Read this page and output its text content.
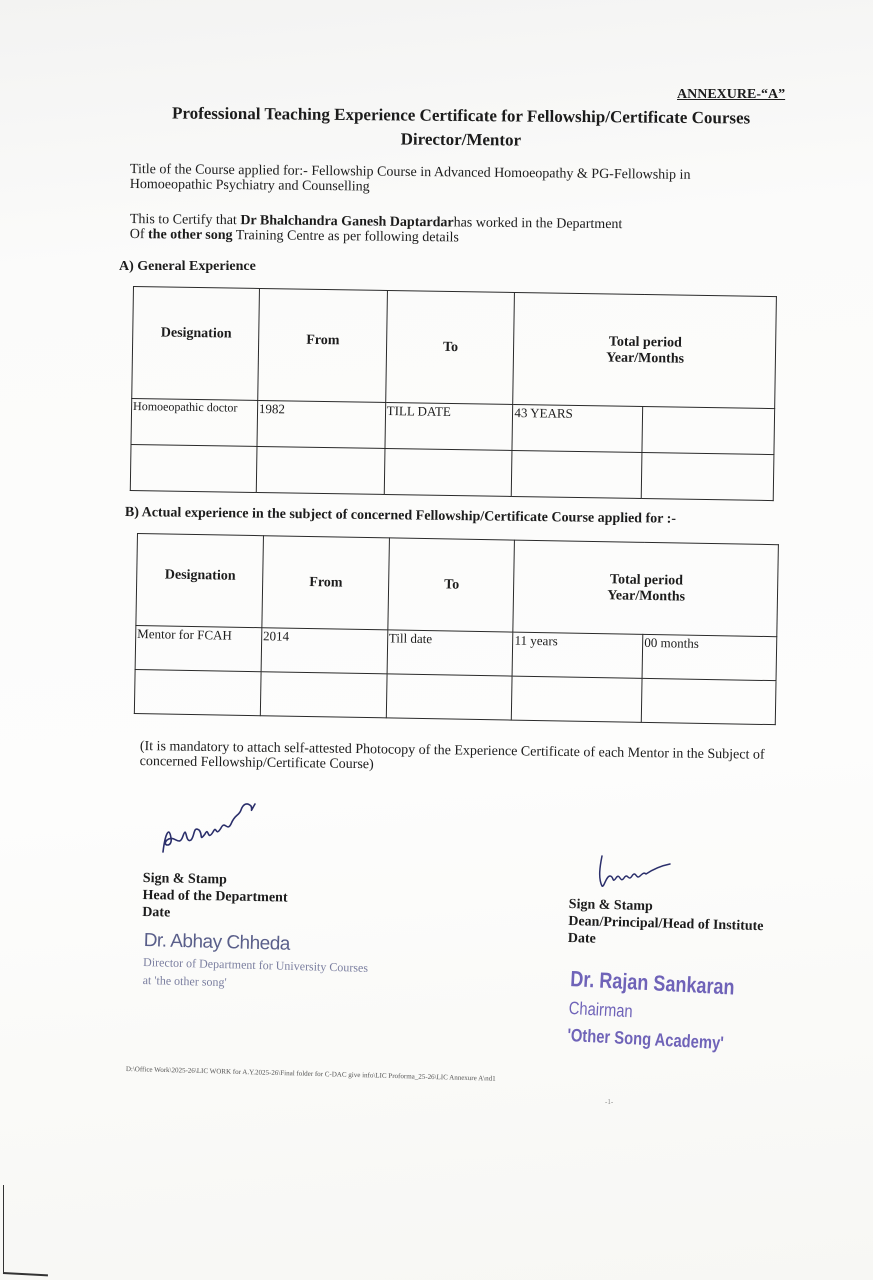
ANNEXURE-“A”
Professional Teaching Experience Certificate for Fellowship/Certificate Courses
Director/Mentor
Title of the Course applied for:- Fellowship Course in Advanced Homoeopathy & PG-Fellowship in Homoeopathic Psychiatry and Counselling
This to Certify that Dr Bhalchandra Ganesh Daptardarhas worked in the Department
Of the other song Training Centre as per following details
A) General Experience
Designation	From	To	Total period
Year/Months	

Homoeopathic doctor	1982	TILL DATE	43 YEARS	

B) Actual experience in the subject of concerned Fellowship/Certificate Course applied for :-
Designation	From	To	Total period
Year/Months	

Mentor for FCAH	2014	Till date	11 years	00 months

(It is mandatory to attach self-attested Photocopy of the Experience Certificate of each Mentor in the Subject of concerned Fellowship/Certificate Course)
Sign & Stamp
Head of the Department
Date
Dr. Abhay Chheda
Director of Department for University Courses
at 'the other song'
Sign & Stamp
Dean/Principal/Head of Institute
Date
Dr. Rajan Sankaran
Chairman
'Other Song Academy'
D:\Office Work\2025-26\LIC WORK for A.Y.2025-26\Final folder for C-DAC give info\LIC Proforma_25-26\LIC Annexure A\nd1
-1-
